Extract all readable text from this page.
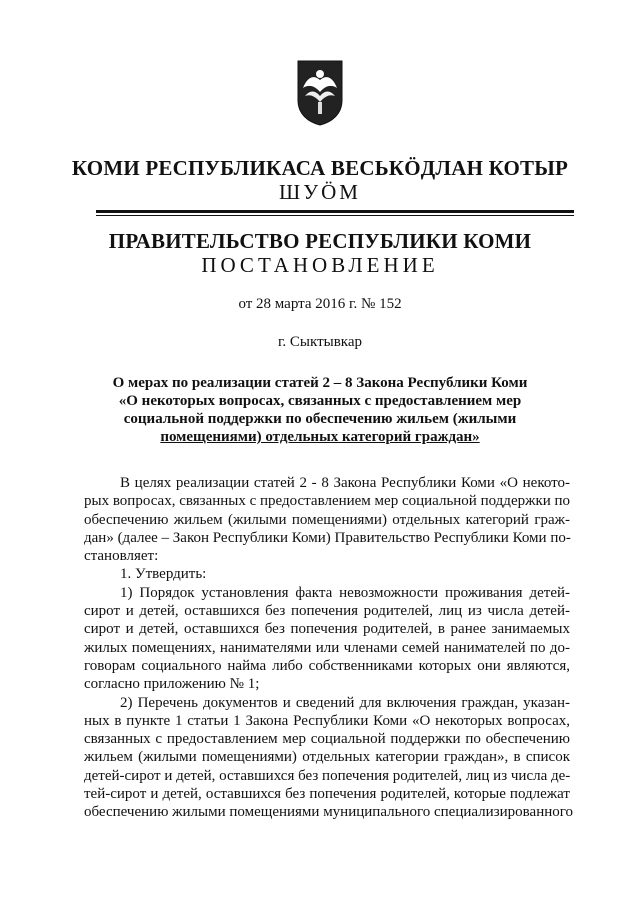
КОМИ РЕСПУБЛИКАСА ВЕСЬКÖДЛАН КОТЫР
ШУÖМ
ПРАВИТЕЛЬСТВО РЕСПУБЛИКИ КОМИ
ПОСТАНОВЛЕНИЕ
от 28 марта 2016 г. № 152
г. Сыктывкар
О мерах по реализации статей 2 – 8 Закона Республики Коми
«О некоторых вопросах, связанных с предоставлением мер
социальной поддержки по обеспечению жильем (жилыми
помещениями) отдельных категорий граждан»
В целях реализации статей 2 - 8 Закона Республики Коми «О некото-
рых вопросах, связанных с предоставлением мер социальной поддержки по
обеспечению жильем (жилыми помещениями) отдельных категорий граж-
дан» (далее – Закон Республики Коми) Правительство Республики Коми по-
становляет:
1. Утвердить:
1) Порядок установления факта невозможности проживания детей-
сирот и детей, оставшихся без попечения родителей, лиц из числа детей-
сирот и детей, оставшихся без попечения родителей, в ранее занимаемых
жилых помещениях, нанимателями или членами семей нанимателей по до-
говорам социального найма либо собственниками которых они являются,
согласно приложению № 1;
2) Перечень документов и сведений для включения граждан, указан-
ных в пункте 1 статьи 1 Закона Республики Коми «О некоторых вопросах,
связанных с предоставлением мер социальной поддержки по обеспечению
жильем (жилыми помещениями) отдельных категории граждан», в список
детей-сирот и детей, оставшихся без попечения родителей, лиц из числа де-
тей-сирот и детей, оставшихся без попечения родителей, которые подлежат
обеспечению жилыми помещениями муниципального специализированного
